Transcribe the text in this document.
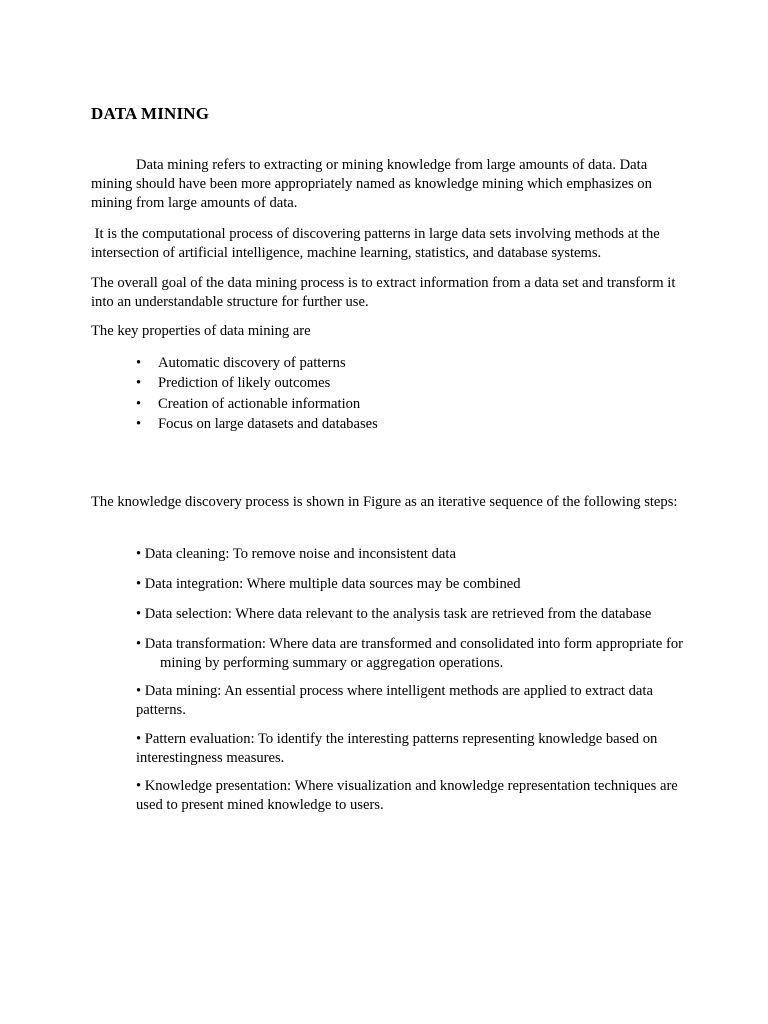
DATA MINING

Data mining refers to extracting or mining knowledge from large amounts of data. Data mining should have been more appropriately named as knowledge mining which emphasizes on mining from large amounts of data.

It is the computational process of discovering patterns in large data sets involving methods at the intersection of artificial intelligence, machine learning, statistics, and database systems.

The overall goal of the data mining process is to extract information from a data set and transform it into an understandable structure for further use.

The key properties of data mining are

• Automatic discovery of patterns
• Prediction of likely outcomes
• Creation of actionable information
• Focus on large datasets and databases

The knowledge discovery process is shown in Figure as an iterative sequence of the following steps:

• Data cleaning: To remove noise and inconsistent data
• Data integration: Where multiple data sources may be combined
• Data selection: Where data relevant to the analysis task are retrieved from the database
• Data transformation: Where data are transformed and consolidated into form appropriate formining by performing summary or aggregation operations.
• Data mining: An essential process where intelligent methods are applied to extract data patterns.
• Pattern evaluation: To identify the interesting patterns representing knowledge based on interestingness measures.
• Knowledge presentation: Where visualization and knowledge representation techniques are used to present mined knowledge to users.
